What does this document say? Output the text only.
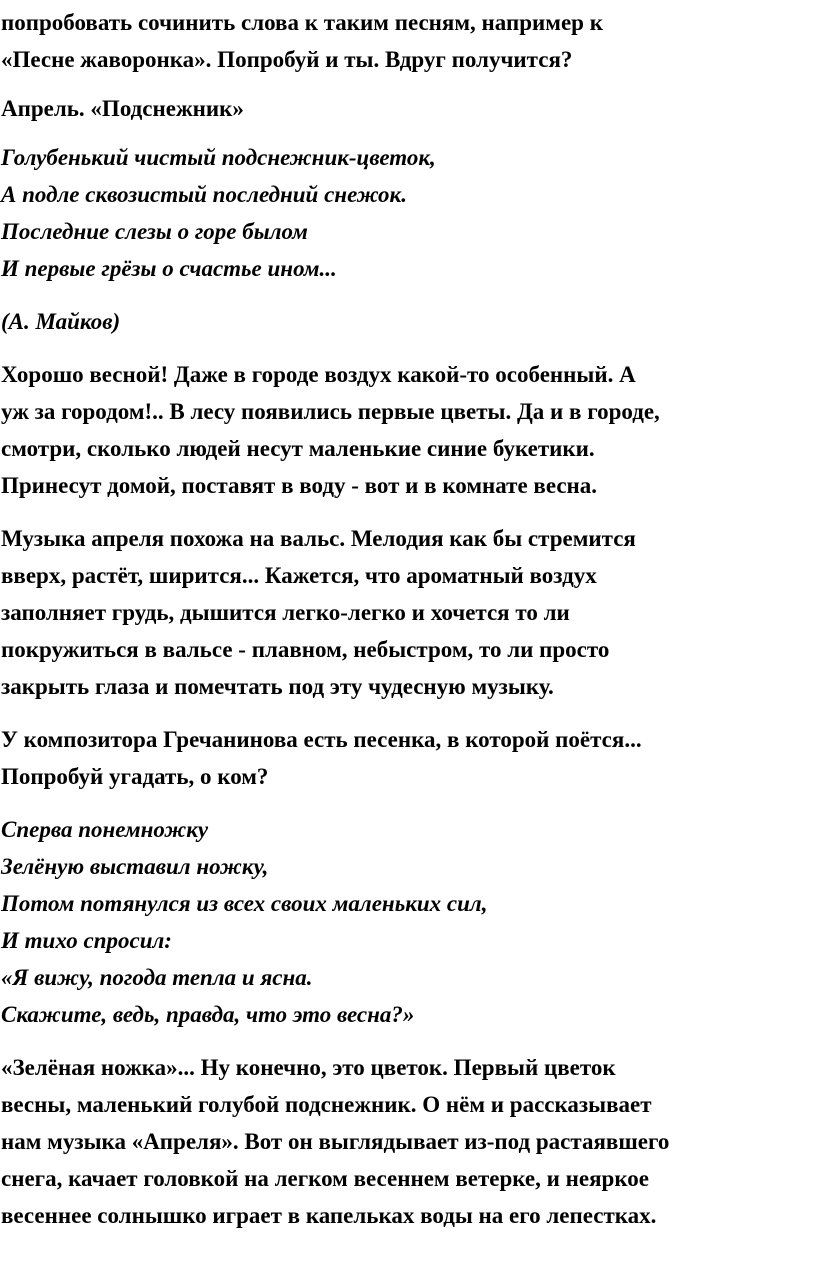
попробовать сочинить слова к таким песням, например к
«Песне жаворонка». Попробуй и ты. Вдруг получится?

Апрель. «Подснежник»

Голубенький чистый подснежник-цветок,
А подле сквозистый последний снежок.
Последние слезы о горе былом
И первые грёзы о счастье ином...

(А. Майков)

Хорошо весной! Даже в городе воздух какой-то особенный. А
уж за городом!.. В лесу появились первые цветы. Да и в городе,
смотри, сколько людей несут маленькие синие букетики.
Принесут домой, поставят в воду - вот и в комнате весна.

Музыка апреля похожа на вальс. Мелодия как бы стремится
вверх, растёт, ширится... Кажется, что ароматный воздух
заполняет грудь, дышится легко-легко и хочется то ли
покружиться в вальсе - плавном, небыстром, то ли просто
закрыть глаза и помечтать под эту чудесную музыку.

У композитора Гречанинова есть песенка, в которой поётся...
Попробуй угадать, о ком?

Сперва понемножку
Зелёную выставил ножку,
Потом потянулся из всех своих маленьких сил,
И тихо спросил:
«Я вижу, погода тепла и ясна.
Скажите, ведь, правда, что это весна?»

«Зелёная ножка»... Ну конечно, это цветок. Первый цветок
весны, маленький голубой подснежник. О нём и рассказывает
нам музыка «Апреля». Вот он выглядывает из-под растаявшего
снега, качает головкой на легком весеннем ветерке, и неяркое
весеннее солнышко играет в капельках воды на его лепестках.
